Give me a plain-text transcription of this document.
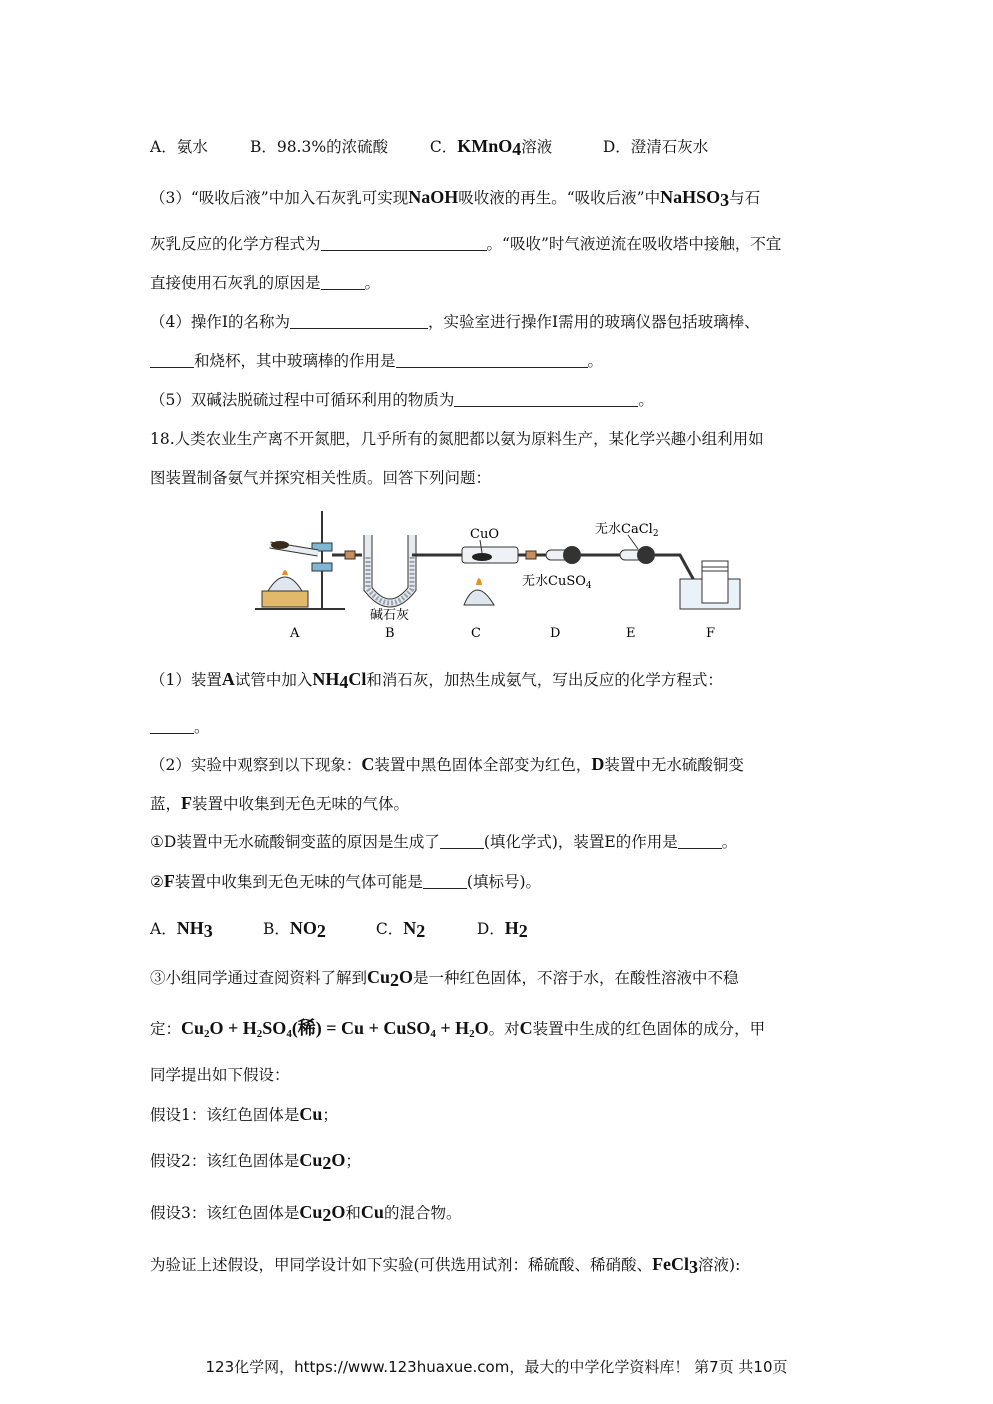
A．氨水	B．98.3%的浓硫酸	C．KMnO$_4$溶液	D．澄清石灰水
（3）“吸收后液”中加入石灰乳可实现NaOH吸收液的再生。“吸收后液”中NaHSO$_3$与石
灰乳反应的化学方程式为	。“吸收”时气液逆流在吸收塔中接触，不宜
直接使用石灰乳的原因是	。
（4）操作Ⅰ的名称为	，实验室进行操作Ⅰ需用的玻璃仪器包括玻璃棒、
和烧杯，其中玻璃棒的作用是	。
（5）双碱法脱硫过程中可循环利用的物质为	。
18.人类农业生产离不开氮肥，几乎所有的氮肥都以氨为原料生产，某化学兴趣小组利用如
图装置制备氨气并探究相关性质。回答下列问题：
碱石灰
CuO
无水CuSO$_4$
无水CaCl$_2$
A	B	C	D	E	F
（1）装置A试管中加入$NH_4Cl$和消石灰，加热生成氨气，写出反应的化学方程式：
。
（2）实验中观察到以下现象：C装置中黑色固体全部变为红色，D装置中无水硫酸铜变
蓝，F装置中收集到无色无味的气体。
①D装置中无水硫酸铜变蓝的原因是生成了	(填化学式)，装置E的作用是	。
②F装置中收集到无色无味的气体可能是	(填标号)。
A．$NH_3$	B．$NO_2$	C．$N_2$	D．$H_2$
③小组同学通过查阅资料了解到$Cu_2O$是一种红色固体，不溶于水，在酸性溶液中不稳
定：$Cu_2O + H_2SO_4$(稀) = Cu + CuSO$_4$ + $H_2O$。对C装置中生成的红色固体的成分，甲
同学提出如下假设：
假设1：该红色固体是Cu；
假设2：该红色固体是$Cu_2O$；
假设3：该红色固体是$Cu_2O$和Cu的混合物。
为验证上述假设，甲同学设计如下实验(可供选用试剂：稀硫酸、稀硝酸、FeCl$_3$溶液):
123化学网，https://www.123huaxue.com，最大的中学化学资料库！ 第7页 共10页
